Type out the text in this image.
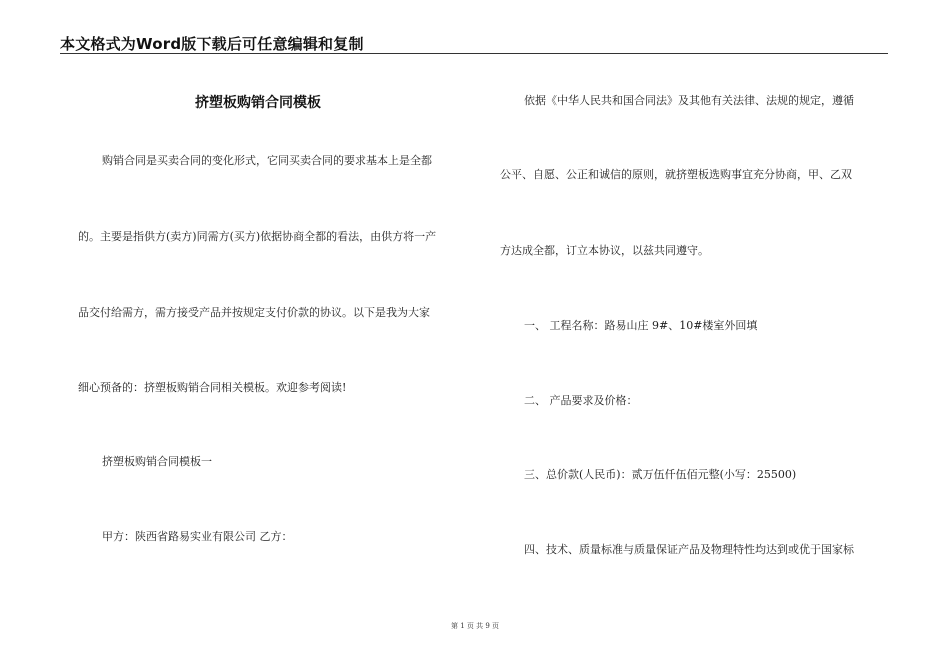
本文格式为Word版下载后可任意编辑和复制
挤塑板购销合同模板
购销合同是买卖合同的变化形式，它同买卖合同的要求基本上是全都
的。主要是指供方(卖方)同需方(买方)依据协商全都的看法，由供方将一产
品交付给需方，需方接受产品并按规定支付价款的协议。以下是我为大家
细心预备的：挤塑板购销合同相关模板。欢迎参考阅读!
挤塑板购销合同模板一
甲方：陕西省路易实业有限公司 乙方：
依据《中华人民共和国合同法》及其他有关法律、法规的规定，遵循
公平、自愿、公正和诚信的原则，就挤塑板选购事宜充分协商，甲、乙双
方达成全都，订立本协议，以兹共同遵守。
一、 工程名称：路易山庄 9#、10#楼室外回填
二、 产品要求及价格：
三、总价款(人民币)：贰万伍仟伍佰元整(小写：25500)
四、技术、质量标准与质量保证产品及物理特性均达到或优于国家标
第 1 页 共 9 页
